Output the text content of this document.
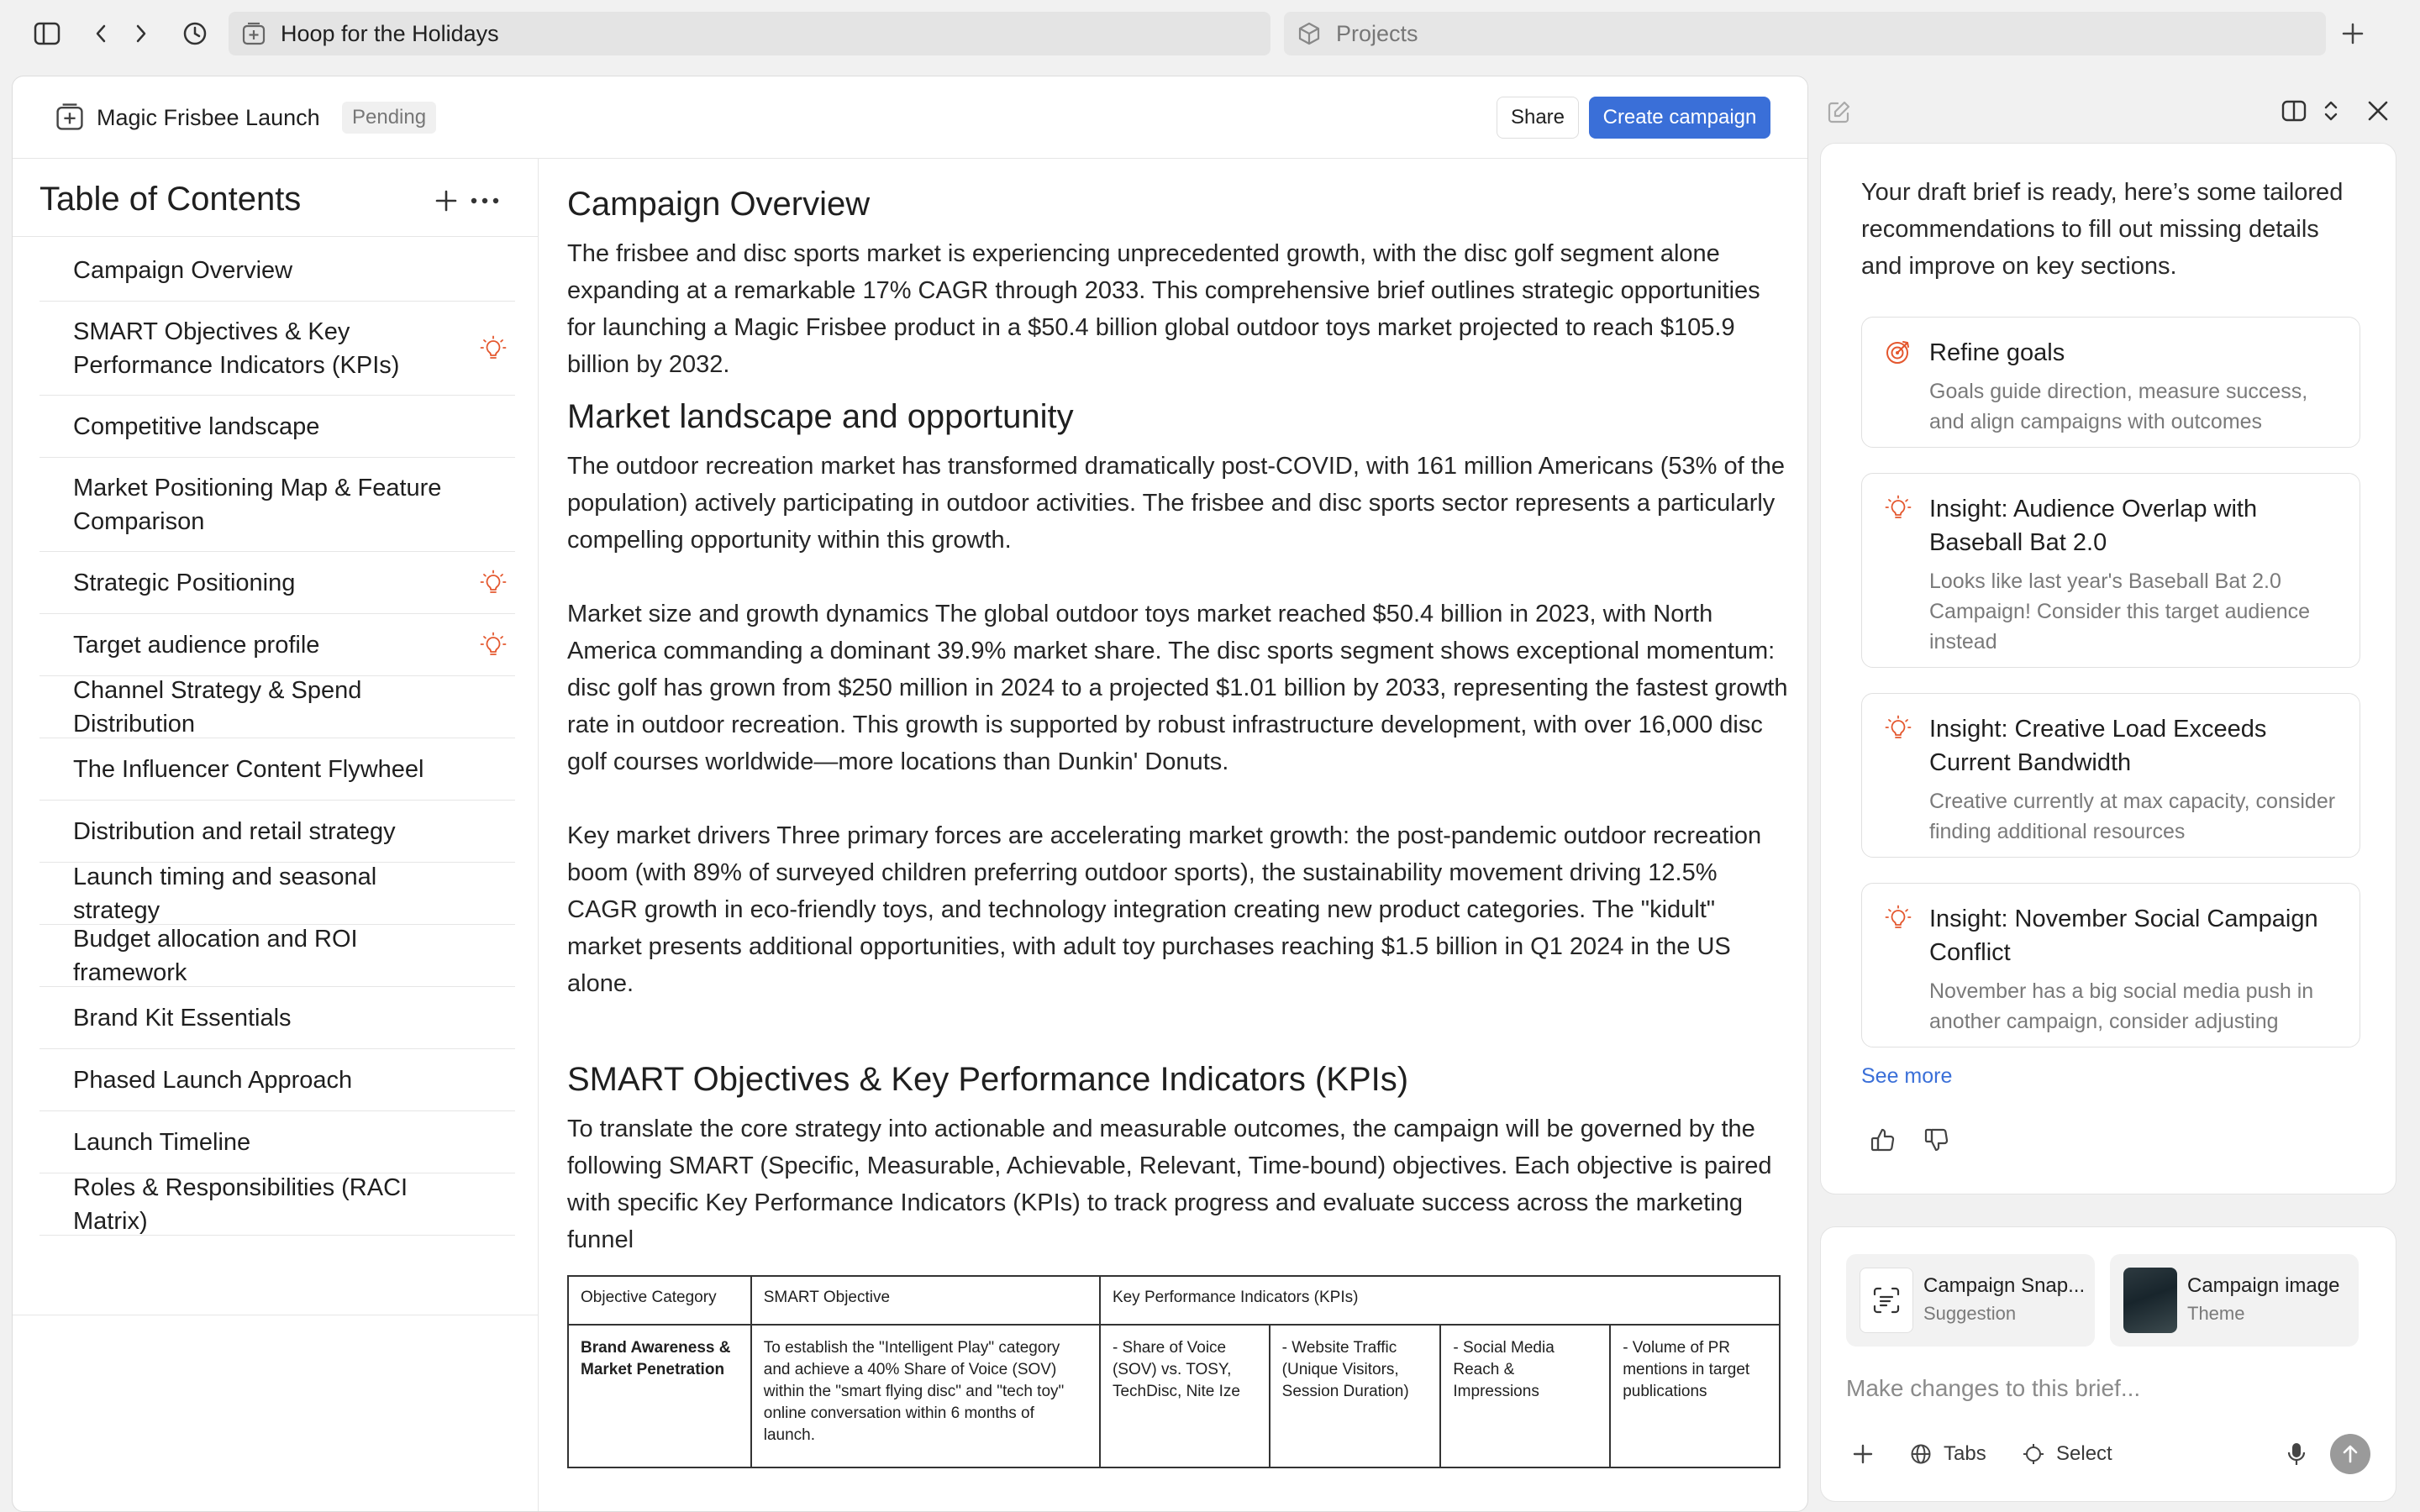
Hoop for the Holidays	Projects
Magic Frisbee Launch	Pending	Share	Create campaign
Table of Contents
Campaign Overview
SMART Objectives & Key Performance Indicators (KPIs)
Competitive landscape
Market Positioning Map & Feature Comparison
Strategic Positioning
Target audience profile
Channel Strategy & Spend Distribution
The Influencer Content Flywheel
Distribution and retail strategy
Launch timing and seasonal strategy
Budget allocation and ROI framework
Brand Kit Essentials
Phased Launch Approach
Launch Timeline
Roles & Responsibilities (RACI Matrix)
Campaign Overview

The frisbee and disc sports market is experiencing unprecedented growth, with the disc golf segment alone expanding at a remarkable 17% CAGR through 2033. This comprehensive brief outlines strategic opportunities for launching a Magic Frisbee product in a $50.4 billion global outdoor toys market projected to reach $105.9 billion by 2032.

Market landscape and opportunity

The outdoor recreation market has transformed dramatically post-COVID, with 161 million Americans (53% of the population) actively participating in outdoor activities. The frisbee and disc sports sector represents a particularly compelling opportunity within this growth.

Market size and growth dynamics The global outdoor toys market reached $50.4 billion in 2023, with North America commanding a dominant 39.9% market share. The disc sports segment shows exceptional momentum: disc golf has grown from $250 million in 2024 to a projected $1.01 billion by 2033, representing the fastest growth rate in outdoor recreation. This growth is supported by robust infrastructure development, with over 16,000 disc golf courses worldwide—more locations than Dunkin' Donuts.

Key market drivers Three primary forces are accelerating market growth: the post-pandemic outdoor recreation boom (with 89% of surveyed children preferring outdoor sports), the sustainability movement driving 12.5% CAGR growth in eco-friendly toys, and technology integration creating new product categories. The "kidult" market presents additional opportunities, with adult toy purchases reaching $1.5 billion in Q1 2024 in the US alone.

SMART Objectives & Key Performance Indicators (KPIs)

To translate the core strategy into actionable and measurable outcomes, the campaign will be governed by the following SMART (Specific, Measurable, Achievable, Relevant, Time-bound) objectives. Each objective is paired with specific Key Performance Indicators (KPIs) to track progress and evaluate success across the marketing funnel

Objective Category	SMART Objective	Key Performance Indicators (KPIs)			
Brand Awareness & Market Penetration	To establish the "Intelligent Play" category and achieve a 40% Share of Voice (SOV) within the "smart flying disc" and "tech toy" online conversation within 6 months of launch.	- Share of Voice (SOV) vs. TOSY, TechDisc, Nite Ize	- Website Traffic (Unique Visitors, Session Duration)	- Social Media Reach & Impressions	- Volume of PR mentions in target publications
Your draft brief is ready, here’s some tailored recommendations to fill out missing details and improve on key sections.
Refine goals
Goals guide direction, measure success, and align campaigns with outcomes
Insight: Audience Overlap with Baseball Bat 2.0
Looks like last year's Baseball Bat 2.0 Campaign! Consider this target audience instead
Insight: Creative Load Exceeds Current Bandwidth
Creative currently at max capacity, consider finding additional resources
Insight: November Social Campaign Conflict
November has a big social media push in another campaign, consider adjusting
See more
Campaign Snap...
Suggestion
Campaign image
Theme
Make changes to this brief...
Tabs	Select
